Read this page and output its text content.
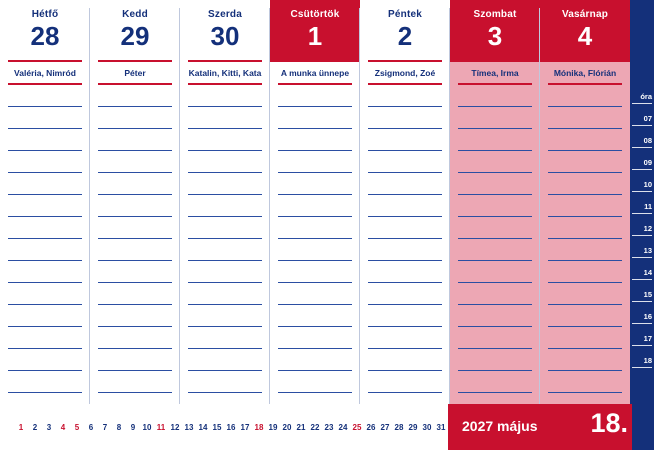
Hétfő
28
Valéria, Nimród
Kedd
29
Péter
Szerda
30
Katalin, Kitti, Kata
Csütörtök
1
A munka ünnepe
Péntek
2
Zsigmond, Zoé
Szombat
3
Tímea, Irma
Vasárnap
4
Mónika, Flórián
óra
07
08
09
10
11
12
13
14
15
16
17
18
1	2	3	4	5	6	7	8	9 10 11 12 13 14 15 16 17 18 19 20 21 22 23 24 25 26 27 28 29 30 31 2027 május 18.
